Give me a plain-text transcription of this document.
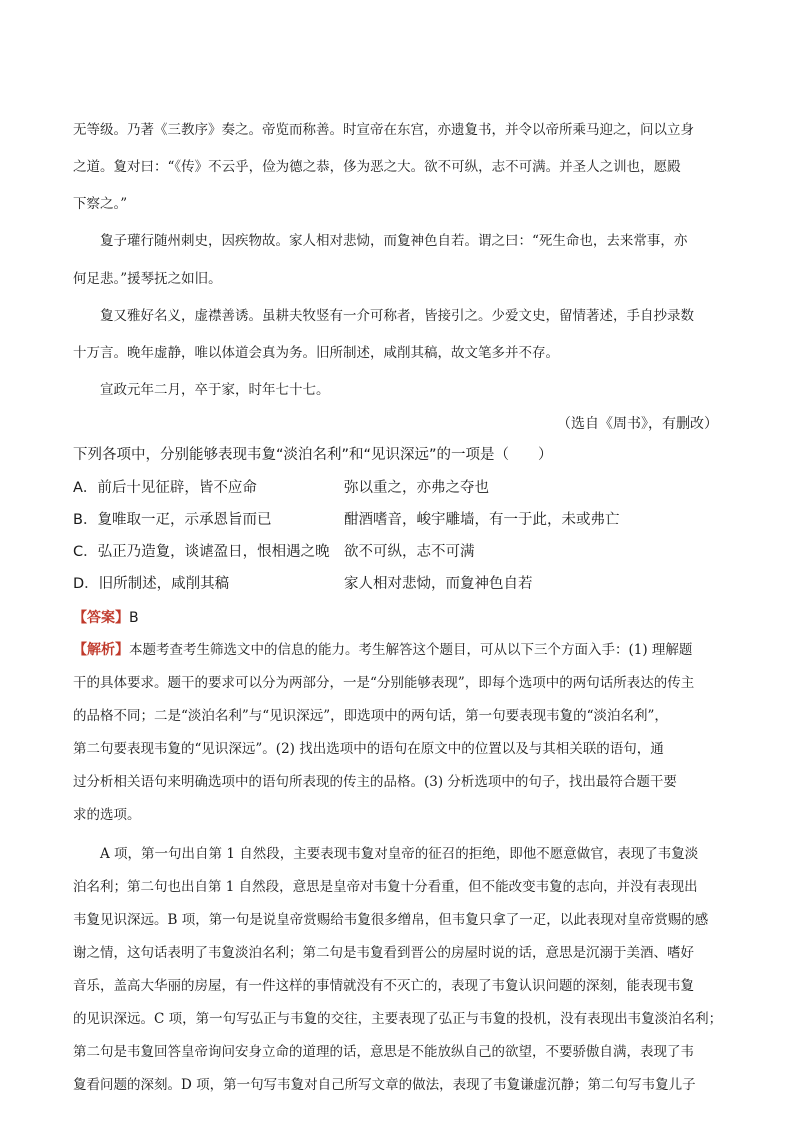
无等级。乃著《三教序》奏之。帝览而称善。时宣帝在东宫，亦遗夐书，并令以帝所乘马迎之，问以立身
之道。夐对曰：“《传》不云乎，俭为德之恭，侈为恶之大。欲不可纵，志不可满。并圣人之训也，愿殿
下察之。”
夐子瓘行随州刺史，因疾物故。家人相对悲恸，而夐神色自若。谓之曰：“死生命也，去来常事，亦
何足悲。”援琴抚之如旧。
夐又雅好名义，虚襟善诱。虽耕夫牧竖有一介可称者，皆接引之。少爱文史，留情著述，手自抄录数
十万言。晚年虚静，唯以体道会真为务。旧所制述，咸削其稿，故文笔多并不存。
宣政元年二月，卒于家，时年七十七。
（选自《周书》，有删改）
下列各项中，分别能够表现韦夐“淡泊名利”和“见识深远”的一项是（　　）
A．前后十见征辟，皆不应命	弥以重之，亦弗之夺也
B．夐唯取一疋，示承恩旨而已	酣酒嗜音，峻宇雕墙，有一于此，未或弗亡
C．弘正乃造夐，谈谑盈日，恨相遇之晚 欲不可纵，志不可满
D．旧所制述，咸削其稿	家人相对悲恸，而夐神色自若
【答案】B
【解析】本题考查考生筛选文中的信息的能力。考生解答这个题目，可从以下三个方面入手：(1) 理解题
干的具体要求。题干的要求可以分为两部分，一是“分别能够表现”，即每个选项中的两句话所表达的传主
的品格不同；二是“淡泊名利”与“见识深远”，即选项中的两句话，第一句要表现韦夐的“淡泊名利”，
第二句要表现韦夐的“见识深远”。(2) 找出选项中的语句在原文中的位置以及与其相关联的语句，通
过分析相关语句来明确选项中的语句所表现的传主的品格。(3) 分析选项中的句子，找出最符合题干要
求的选项。
A 项，第一句出自第 1 自然段，主要表现韦夐对皇帝的征召的拒绝，即他不愿意做官，表现了韦夐淡
泊名利；第二句也出自第 1 自然段，意思是皇帝对韦夐十分看重，但不能改变韦夐的志向，并没有表现出
韦夐见识深远。B 项，第一句是说皇帝赏赐给韦夐很多缯帛，但韦夐只拿了一疋，以此表现对皇帝赏赐的感
谢之情，这句话表明了韦夐淡泊名利；第二句是韦夐看到晋公的房屋时说的话，意思是沉溺于美酒、嗜好
音乐，盖高大华丽的房屋，有一件这样的事情就没有不灭亡的，表现了韦夐认识问题的深刻，能表现韦夐
的见识深远。C 项，第一句写弘正与韦夐的交往，主要表现了弘正与韦夐的投机，没有表现出韦夐淡泊名利；
第二句是韦夐回答皇帝询问安身立命的道理的话，意思是不能放纵自己的欲望，不要骄傲自满，表现了韦
夐看问题的深刻。D 项，第一句写韦夐对自己所写文章的做法，表现了韦夐谦虚沉静；第二句写韦夐儿子
